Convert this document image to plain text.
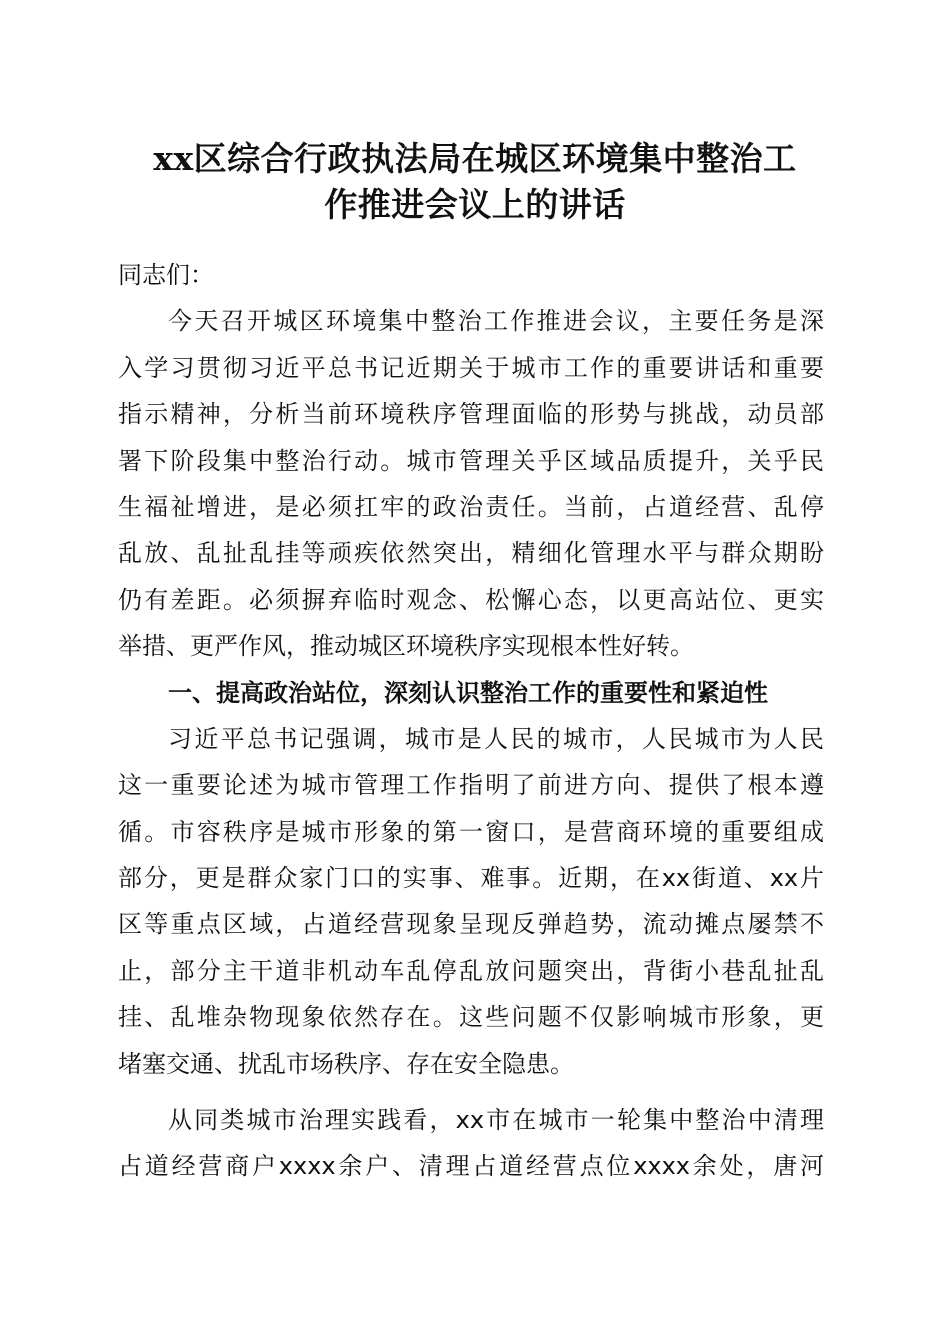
xx区综合行政执法局在城区环境集中整治工
作推进会议上的讲话
同志们：
今天召开城区环境集中整治工作推进会议，主要任务是深
入学习贯彻习近平总书记近期关于城市工作的重要讲话和重要
指示精神，分析当前环境秩序管理面临的形势与挑战，动员部
署下阶段集中整治行动。城市管理关乎区域品质提升，关乎民
生福祉增进，是必须扛牢的政治责任。当前，占道经营、乱停
乱放、乱扯乱挂等顽疾依然突出，精细化管理水平与群众期盼
仍有差距。必须摒弃临时观念、松懈心态，以更高站位、更实
举措、更严作风，推动城区环境秩序实现根本性好转。
一、提高政治站位，深刻认识整治工作的重要性和紧迫性
习近平总书记强调，城市是人民的城市，人民城市为人民
这一重要论述为城市管理工作指明了前进方向、提供了根本遵
循。市容秩序是城市形象的第一窗口，是营商环境的重要组成
部分，更是群众家门口的实事、难事。近期，在xx街道、xx片
区等重点区域，占道经营现象呈现反弹趋势，流动摊点屡禁不
止，部分主干道非机动车乱停乱放问题突出，背街小巷乱扯乱
挂、乱堆杂物现象依然存在。这些问题不仅影响城市形象，更
堵塞交通、扰乱市场秩序、存在安全隐患。
从同类城市治理实践看，xx市在城市一轮集中整治中清理
占道经营商户xxxx余户、清理占道经营点位xxxx余处，唐河
